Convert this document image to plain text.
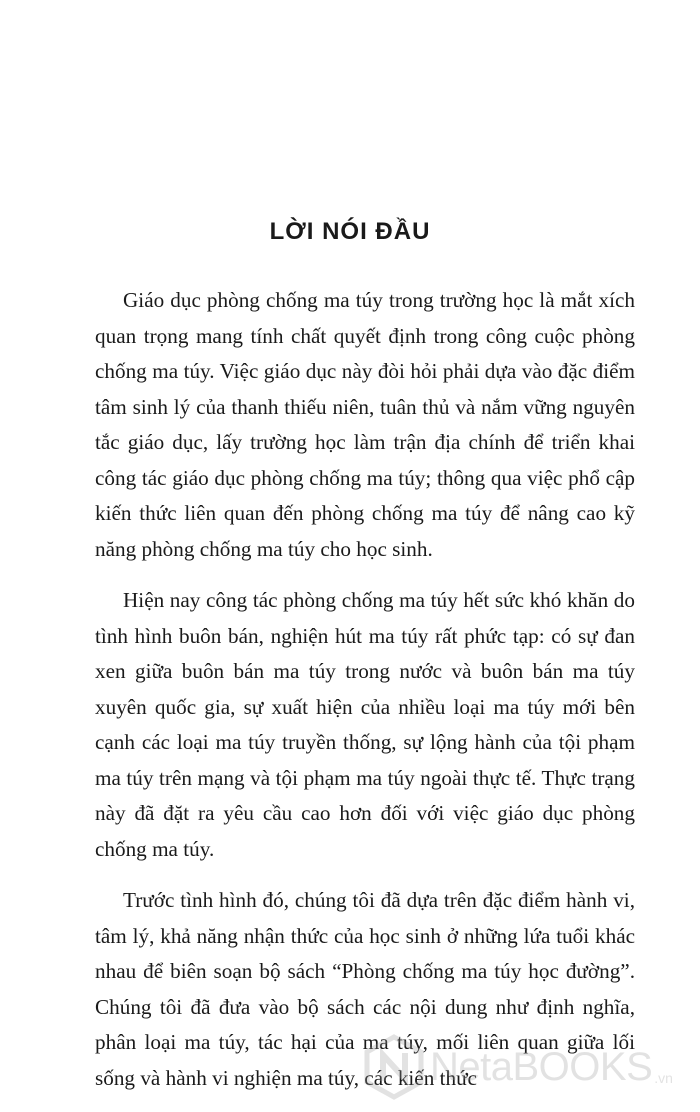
LỜI NÓI ĐẦU

Giáo dục phòng chống ma túy trong trường học là mắt xích quan trọng mang tính chất quyết định trong công cuộc phòng chống ma túy. Việc giáo dục này đòi hỏi phải dựa vào đặc điểm tâm sinh lý của thanh thiếu niên, tuân thủ và nắm vững nguyên tắc giáo dục, lấy trường học làm trận địa chính để triển khai công tác giáo dục phòng chống ma túy; thông qua việc phổ cập kiến thức liên quan đến phòng chống ma túy để nâng cao kỹ năng phòng chống ma túy cho học sinh.

Hiện nay công tác phòng chống ma túy hết sức khó khăn do tình hình buôn bán, nghiện hút ma túy rất phức tạp: có sự đan xen giữa buôn bán ma túy trong nước và buôn bán ma túy xuyên quốc gia, sự xuất hiện của nhiều loại ma túy mới bên cạnh các loại ma túy truyền thống, sự lộng hành của tội phạm ma túy trên mạng và tội phạm ma túy ngoài thực tế. Thực trạng này đã đặt ra yêu cầu cao hơn đối với việc giáo dục phòng chống ma túy.

Trước tình hình đó, chúng tôi đã dựa trên đặc điểm hành vi, tâm lý, khả năng nhận thức của học sinh ở những lứa tuổi khác nhau để biên soạn bộ sách “Phòng chống ma túy học đường”. Chúng tôi đã đưa vào bộ sách các nội dung như định nghĩa, phân loại ma túy, tác hại của ma túy, mối liên quan giữa lối sống và hành vi nghiện ma túy, các kiến thức

NetaBOOKS .vn
